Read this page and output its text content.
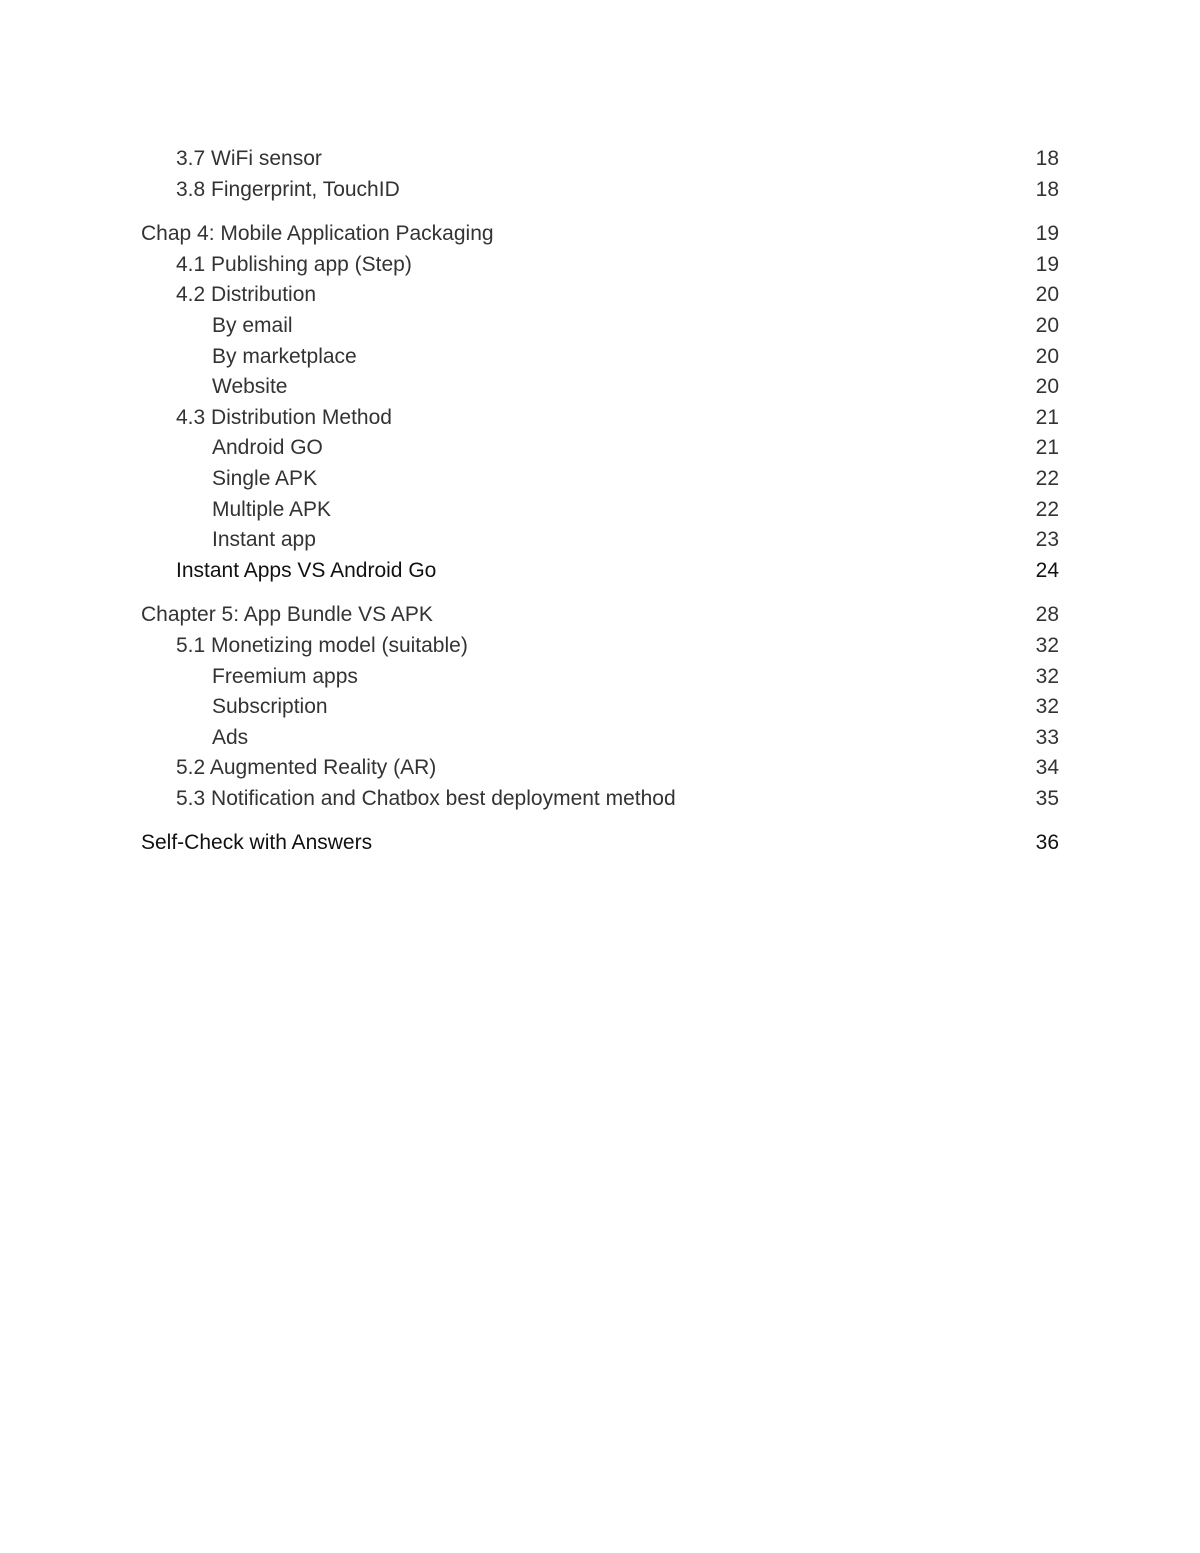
3.7 WiFi sensor	18
3.8 Fingerprint, TouchID	18
Chap 4: Mobile Application Packaging	19
4.1 Publishing app (Step)	19
4.2 Distribution	20
By email	20
By marketplace	20
Website	20
4.3 Distribution Method	21
Android GO	21
Single APK	22
Multiple APK	22
Instant app	23
Instant Apps VS Android Go	24
Chapter 5: App Bundle VS APK	28
5.1 Monetizing model (suitable)	32
Freemium apps	32
Subscription	32
Ads	33
5.2 Augmented Reality (AR)	34
5.3 Notification and Chatbox best deployment method	35
Self-Check with Answers	36
